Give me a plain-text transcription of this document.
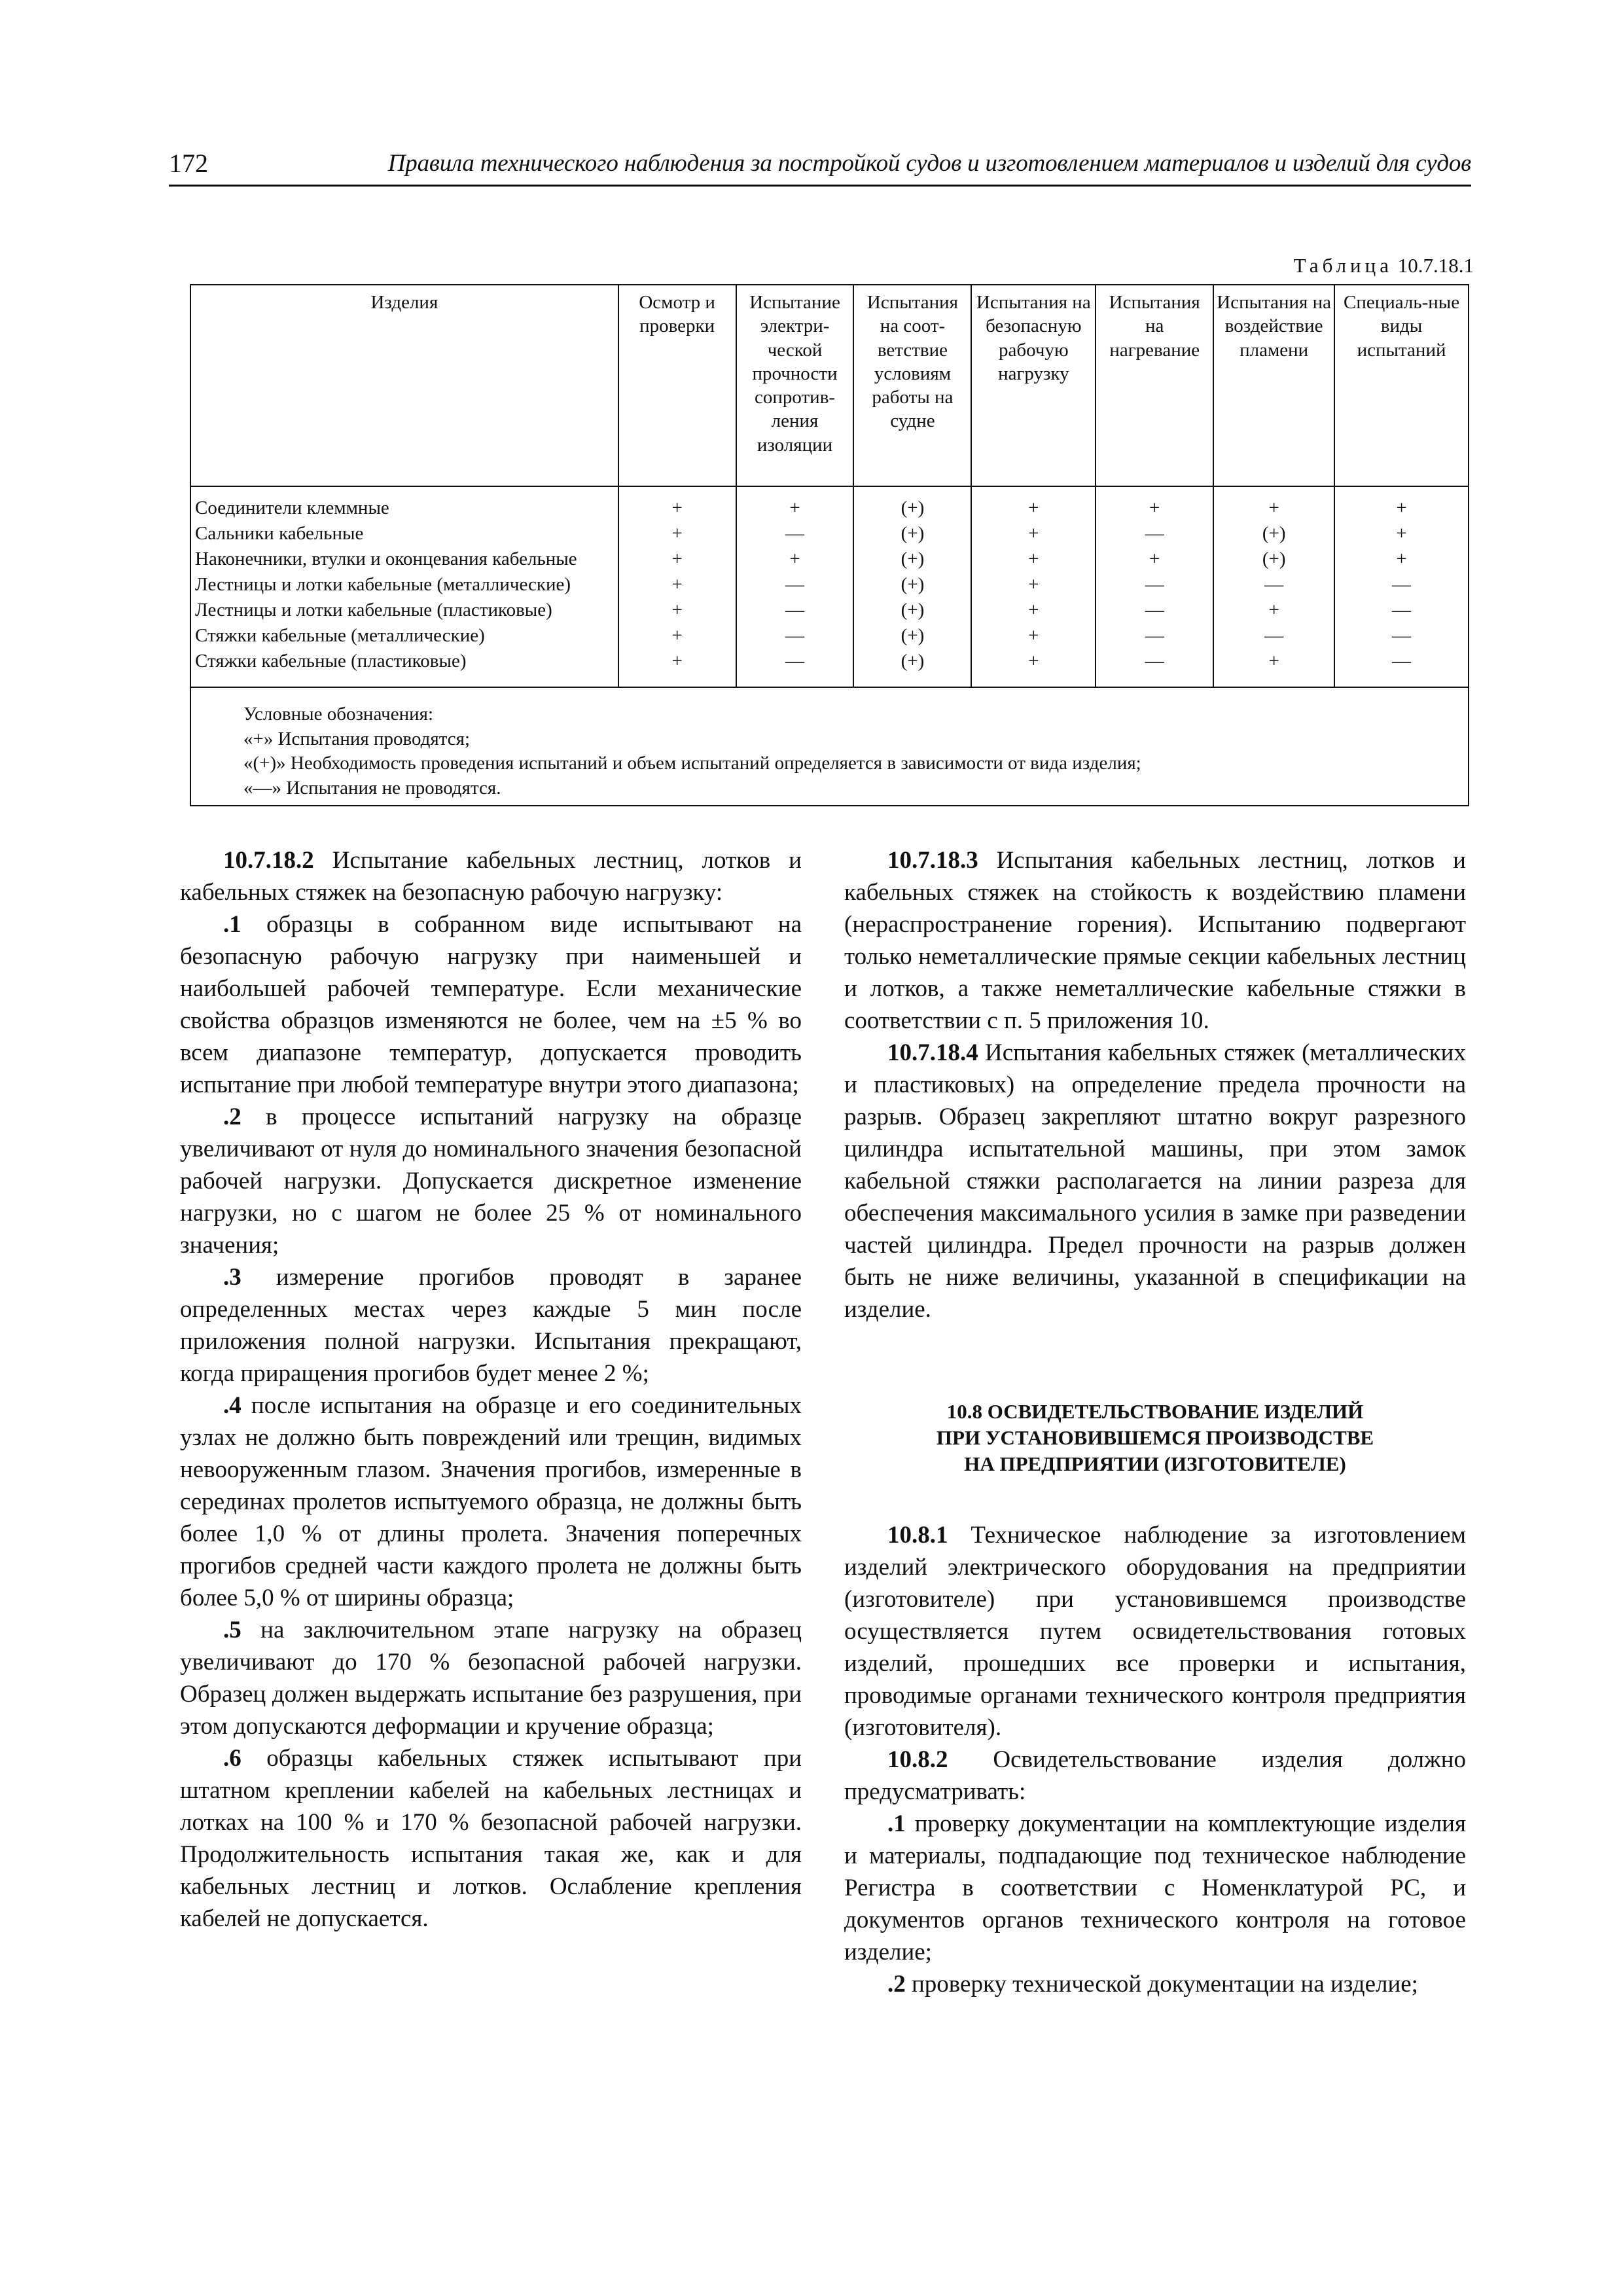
172	Правила технического наблюдения за постройкой судов и изготовлением материалов и изделий для судов
Таблица 10.7.18.1
Изделия	Осмотр и проверки	Испытание электри-ческой прочности сопротив-ления изоляции	Испытания на соот-ветствие условиям работы на судне	Испытания на безопасную рабочую нагрузку	Испытания на нагревание	Испытания на воздействие пламени	Специаль-ные виды испытаний
Соединители клеммные	+	+	(+)	+	+	+	+
Сальники кабельные	+	—	(+)	+	—	(+)	+
Наконечники, втулки и оконцевания кабельные	+	+	(+)	+	+	(+)	+
Лестницы и лотки кабельные (металлические)	+	—	(+)	+	—	—	—
Лестницы и лотки кабельные (пластиковые)	+	—	(+)	+	—	+	—
Стяжки кабельные (металлические)	+	—	(+)	+	—	—	—
Стяжки кабельные (пластиковые)	+	—	(+)	+	—	+	—

Условные обозначения:
«+» Испытания проводятся;
«(+)» Необходимость проведения испытаний и объем испытаний определяется в зависимости от вида изделия;
«—» Испытания не проводятся.							

10.7.18.2 Испытание кабельных лестниц, лотков и кабельных стяжек на безопасную рабочую нагрузку:

.1 образцы в собранном виде испытывают на безопасную рабочую нагрузку при наименьшей и наибольшей рабочей температуре. Если механические свойства образцов изменяются не более, чем на ±5 % во всем диапазоне температур, допускается проводить испытание при любой температуре внутри этого диапазона;

.2 в процессе испытаний нагрузку на образце увеличивают от нуля до номинального значения безопасной рабочей нагрузки. Допускается дискретное изменение нагрузки, но с шагом не более 25 % от номинального значения;

.3 измерение прогибов проводят в заранее определенных местах через каждые 5 мин после приложения полной нагрузки. Испытания прекращают, когда приращения прогибов будет менее 2 %;

.4 после испытания на образце и его соединительных узлах не должно быть повреждений или трещин, видимых невооруженным глазом. Значения прогибов, измеренные в серединах пролетов испытуемого образца, не должны быть более 1,0 % от длины пролета. Значения поперечных прогибов средней части каждого пролета не должны быть более 5,0 % от ширины образца;

.5 на заключительном этапе нагрузку на образец увеличивают до 170 % безопасной рабочей нагрузки. Образец должен выдержать испытание без разрушения, при этом допускаются деформации и кручение образца;

.6 образцы кабельных стяжек испытывают при штатном креплении кабелей на кабельных лестницах и лотках на 100 % и 170 % безопасной рабочей нагрузки. Продолжительность испытания такая же, как и для кабельных лестниц и лотков. Ослабление крепления кабелей не допускается.

10.7.18.3 Испытания кабельных лестниц, лотков и кабельных стяжек на стойкость к воздействию пламени (нераспространение горения). Испытанию подвергают только неметаллические прямые секции кабельных лестниц и лотков, а также неметаллические кабельные стяжки в соответствии с п. 5 приложения 10.

10.7.18.4 Испытания кабельных стяжек (металлических и пластиковых) на определение предела прочности на разрыв. Образец закрепляют штатно вокруг разрезного цилиндра испытательной машины, при этом замок кабельной стяжки располагается на линии разреза для обеспечения максимального усилия в замке при разведении частей цилиндра. Предел прочности на разрыв должен быть не ниже величины, указанной в спецификации на изделие.

10.8 ОСВИДЕТЕЛЬСТВОВАНИЕ ИЗДЕЛИЙ
ПРИ УСТАНОВИВШЕМСЯ ПРОИЗВОДСТВЕ
НА ПРЕДПРИЯТИИ (ИЗГОТОВИТЕЛЕ)

10.8.1 Техническое наблюдение за изготовлением изделий электрического оборудования на предприятии (изготовителе) при установившемся производстве осуществляется путем освидетельствования готовых изделий, прошедших все проверки и испытания, проводимые органами технического контроля предприятия (изготовителя).

10.8.2 Освидетельствование изделия должно предусматривать:

.1 проверку документации на комплектующие изделия и материалы, подпадающие под техническое наблюдение Регистра в соответствии с Номенклатурой РС, и документов органов технического контроля на готовое изделие;

.2 проверку технической документации на изделие;
